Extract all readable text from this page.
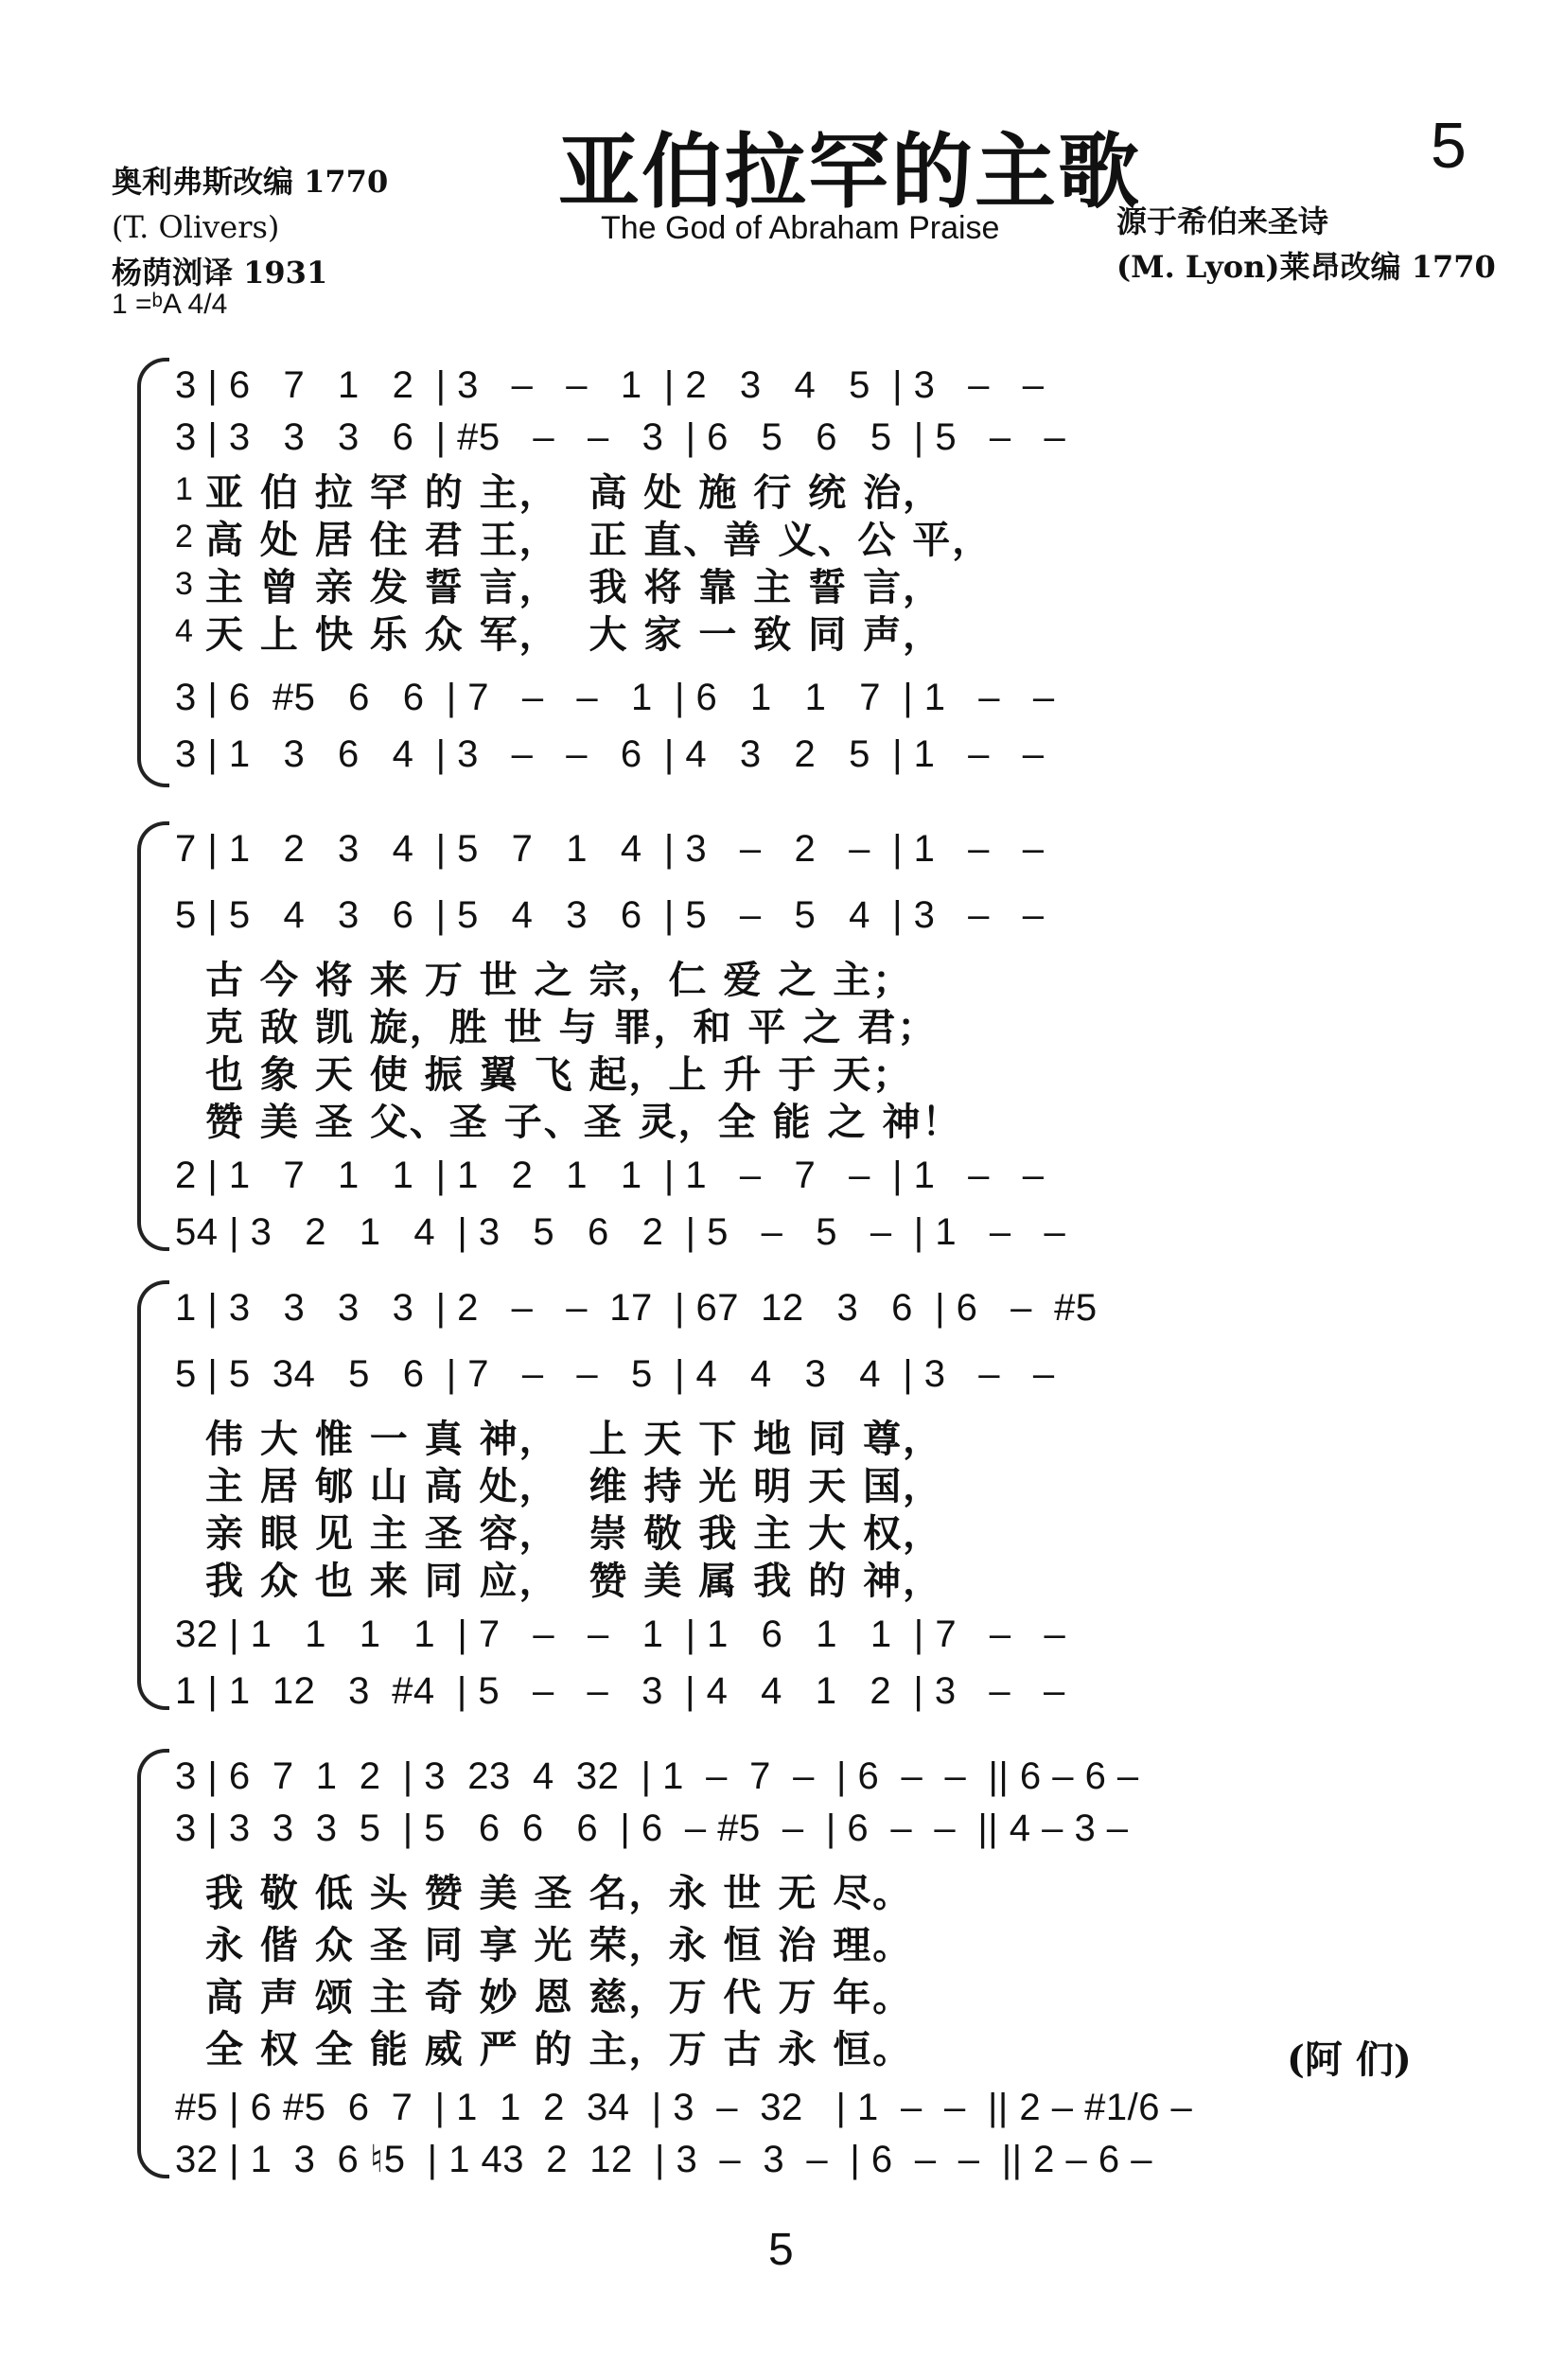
亚伯拉罕的主歌
The God of Abraham Praise
5
奥利弗斯改编 1770
(T. Olivers)
杨荫浏译 1931
1 =ᵇA 4/4
源于希伯来圣诗
(M. Lyon)莱昂改编 1770
3 | 6   7   1   2  | 3   –   –   1  | 2   3   4   5  | 3   –   –
3 | 3   3   3   6  | #5   –   –   3  | 6   5   6   5  | 5   –   –
1 亚 伯 拉 罕 的 主，  高 处 施 行 统 治，
2 高 处 居 住 君 王，  正 直、善 义、公 平，
3 主 曾 亲 发 誓 言，  我 将 靠 主 誓 言，
4 天 上 快 乐 众 军，  大 家 一 致 同 声，
3 | 6  #5   6   6  | 7   –   –   1  | 6   1   1   7  | 1   –   –
3 | 1   3   6   4  | 3   –   –   6  | 4   3   2   5  | 1   –   –
7 | 1   2   3   4  | 5   7   1   4  | 3   –   2   –  | 1   –   –
5 | 5   4   3   6  | 5   4   3   6  | 5   –   5   4  | 3   –   –
古 今 将 来 万 世 之 宗，仁 爱 之 主；
克 敌 凯 旋，胜 世 与 罪，和 平 之 君；
也 象 天 使 振 翼 飞 起，上 升 于 天；
赞 美 圣 父、圣 子、圣 灵，全 能 之 神！
2 | 1   7   1   1  | 1   2   1   1  | 1   –   7   –  | 1   –   –
54 | 3   2   1   4  | 3   5   6   2  | 5   –   5   –  | 1   –   –
1 | 3   3   3   3  | 2   –   –  17  | 67  12   3   6  | 6   –  #5
5 | 5  34   5   6  | 7   –   –   5  | 4   4   3   4  | 3   –   –
伟 大 惟 一 真 神，  上 天 下 地 同 尊，
主 居 郇 山 高 处，  维 持 光 明 天 国，
亲 眼 见 主 圣 容，  崇 敬 我 主 大 权，
我 众 也 来 同 应，  赞 美 属 我 的 神，
32 | 1   1   1   1  | 7   –   –   1  | 1   6   1   1  | 7   –   –
1 | 1  12   3  #4  | 5   –   –   3  | 4   4   1   2  | 3   –   –
3 | 6  7  1  2  | 3  23  4  32  | 1  –  7  –  | 6  –  –  || 6 – 6 –
3 | 3  3  3  5  | 5   6  6   6  | 6  – #5  –  | 6  –  –  || 4 – 3 –
我 敬 低 头 赞 美 圣 名，永 世 无 尽。
永 偕 众 圣 同 享 光 荣，永 恒 治 理。
高 声 颂 主 奇 妙 恩 慈，万 代 万 年。
全 权 全 能 威 严 的 主，万 古 永 恒。	(阿 们)
#5 | 6 #5  6  7  | 1  1  2  34  | 3  –  32   | 1  –  –  || 2 – #1/6 –
32 | 1  3  6 ♮5  | 1 43  2  12  | 3  –  3  –  | 6  –  –  || 2 – 6 –
5
